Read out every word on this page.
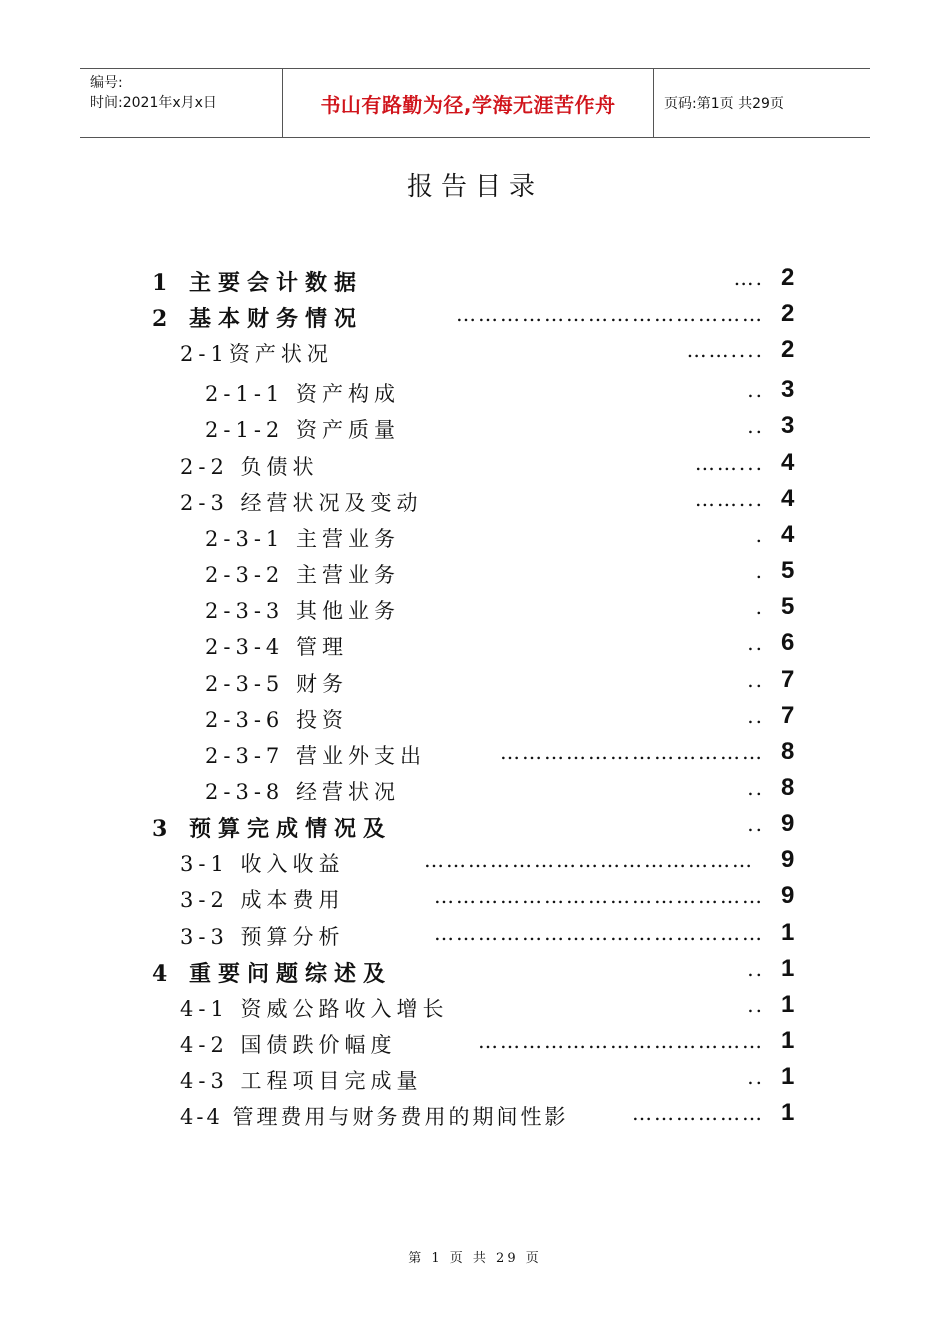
编号:
时间:2021年x月x日	书山有路勤为径,学海无涯苦作舟	页码:第1页 共29页
报告目录
1 主要会计数据	…. 2
2 基本财务情况	…………………………………… 2
2-1资产状况	…….... 2
2-1-1 资产构成	.. 3
2-1-2 资产质量	.. 3
2-2 负债状	……... 4
2-3 经营状况及变动	……... 4
2-3-1 主营业务	. 4
2-3-2 主营业务	. 5
2-3-3 其他业务	. 5
2-3-4 管理	.. 6
2-3-5 财务	.. 7
2-3-6 投资	.. 7
2-3-7 营业外支出	……………………………… 8
2-3-8 经营状况	.. 8
3 预算完成情况及	.. 9
3-1 收入收益	……………………………………… 9
3-2 成本费用	……………………………………… 9
3-3 预算分析	……………………………………… 1
4 重要问题综述及	.. 1
4-1 资威公路收入增长	.. 1
4-2 国债跌价幅度	………………………………… 1
4-3 工程项目完成量	.. 1
4-4 管理费用与财务费用的期间性影	……………… 1
第 1 页 共 29 页
